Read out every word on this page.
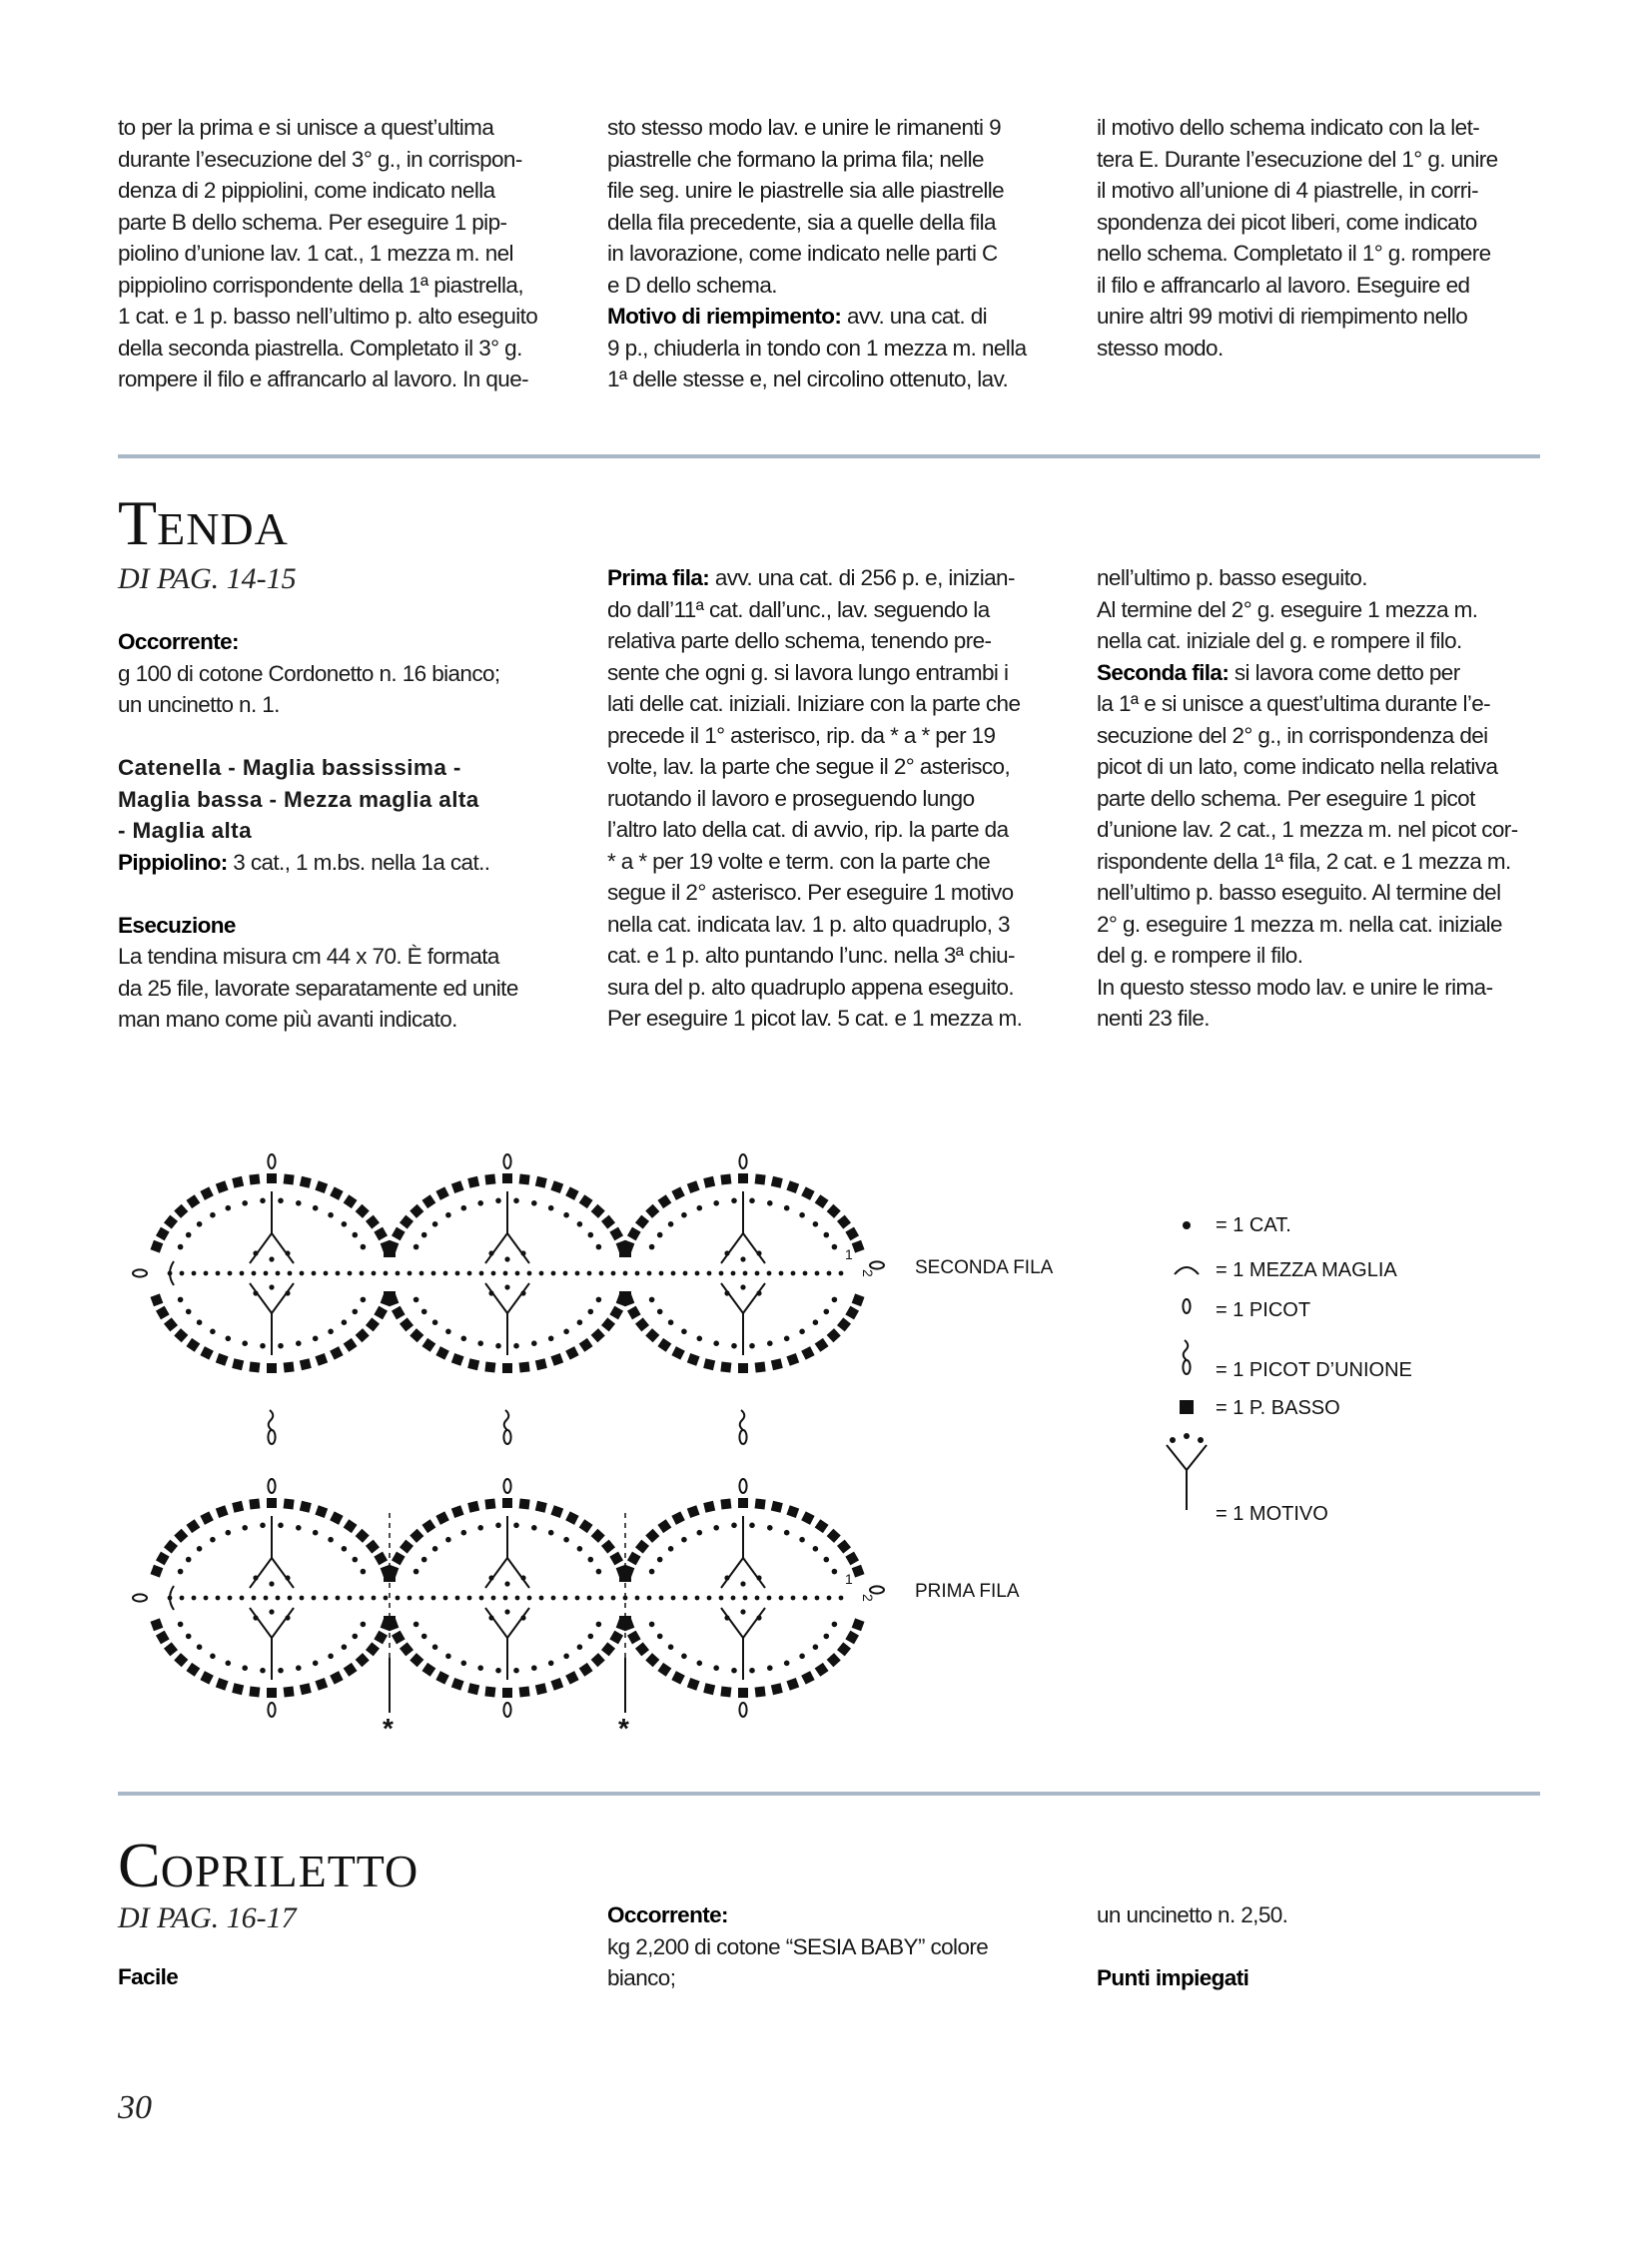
to per la prima e si unisce a quest’ultima

durante l’esecuzione del 3° g., in corrispon-

denza di 2 pippiolini, come indicato nella

parte B dello schema. Per eseguire 1 pip-

piolino d’unione lav. 1 cat., 1 mezza m. nel

pippiolino corrispondente della 1ª piastrella,

1 cat. e 1 p. basso nell’ultimo p. alto eseguito

della seconda piastrella. Completato il 3° g.

rompere il filo e affrancarlo al lavoro. In que-

sto stesso modo lav. e unire le rimanenti 9

piastrelle che formano la prima fila; nelle

file seg. unire le piastrelle sia alle piastrelle

della fila precedente, sia a quelle della fila

in lavorazione, come indicato nelle parti C

e D dello schema.

Motivo di riempimento: avv. una cat. di

9 p., chiuderla in tondo con 1 mezza m. nella

1ª delle stesse e, nel circolino ottenuto, lav.

il motivo dello schema indicato con la let-

tera E. Durante l’esecuzione del 1° g. unire

il motivo all’unione di 4 piastrelle, in corri-

spondenza dei picot liberi, come indicato

nello schema. Completato il 1° g. rompere

il filo e affrancarlo al lavoro. Eseguire ed

unire altri 99 motivi di riempimento nello

stesso modo.

TENDA
DI PAG. 14-15

Occorrente:

g 100 di cotone Cordonetto n. 16 bianco;

un uncinetto n. 1.

Catenella - Maglia bassissima -

Maglia bassa - Mezza maglia alta

- Maglia alta

Pippiolino: 3 cat., 1 m.bs. nella 1a cat..

Esecuzione

La tendina misura cm 44 x 70. È formata

da 25 file, lavorate separatamente ed unite

man mano come più avanti indicato.

Prima fila: avv. una cat. di 256 p. e, inizian-

do dall’11ª cat. dall’unc., lav. seguendo la

relativa parte dello schema, tenendo pre-

sente che ogni g. si lavora lungo entrambi i

lati delle cat. iniziali. Iniziare con la parte che

precede il 1° asterisco, rip. da * a * per 19

volte, lav. la parte che segue il 2° asterisco,

ruotando il lavoro e proseguendo lungo

l’altro lato della cat. di avvio, rip. la parte da

* a * per 19 volte e term. con la parte che

segue il 2° asterisco. Per eseguire 1 motivo

nella cat. indicata lav. 1 p. alto quadruplo, 3

cat. e 1 p. alto puntando l’unc. nella 3ª chiu-

sura del p. alto quadruplo appena eseguito.

Per eseguire 1 picot lav. 5 cat. e 1 mezza m.

nell’ultimo p. basso eseguito.

Al termine del 2° g. eseguire 1 mezza m.

nella cat. iniziale del g. e rompere il filo.

Seconda fila: si lavora come detto per

la 1ª e si unisce a quest’ultima durante l’e-

secuzione del 2° g., in corrispondenza dei

picot di un lato, come indicato nella relativa

parte dello schema. Per eseguire 1 picot

d’unione lav. 2 cat., 1 mezza m. nel picot cor-

rispondente della 1ª fila, 2 cat. e 1 mezza m.

nell’ultimo p. basso eseguito. Al termine del

2° g. eseguire 1 mezza m. nella cat. iniziale

del g. e rompere il filo.

In questo stesso modo lav. e unire le rima-

nenti 23 file.

1
2
1
2
*	*
SECONDA FILA
PRIMA FILA
= 1 CAT.
= 1 MEZZA MAGLIA
= 1 PICOT
= 1 PICOT D’UNIONE
= 1 P. BASSO
= 1 MOTIVO
COPRILETTO
DI PAG. 16-17

Facile

Occorrente:

kg 2,200 di cotone “SESIA BABY” colore

bianco;

un uncinetto n. 2,50.

Punti impiegati

30
